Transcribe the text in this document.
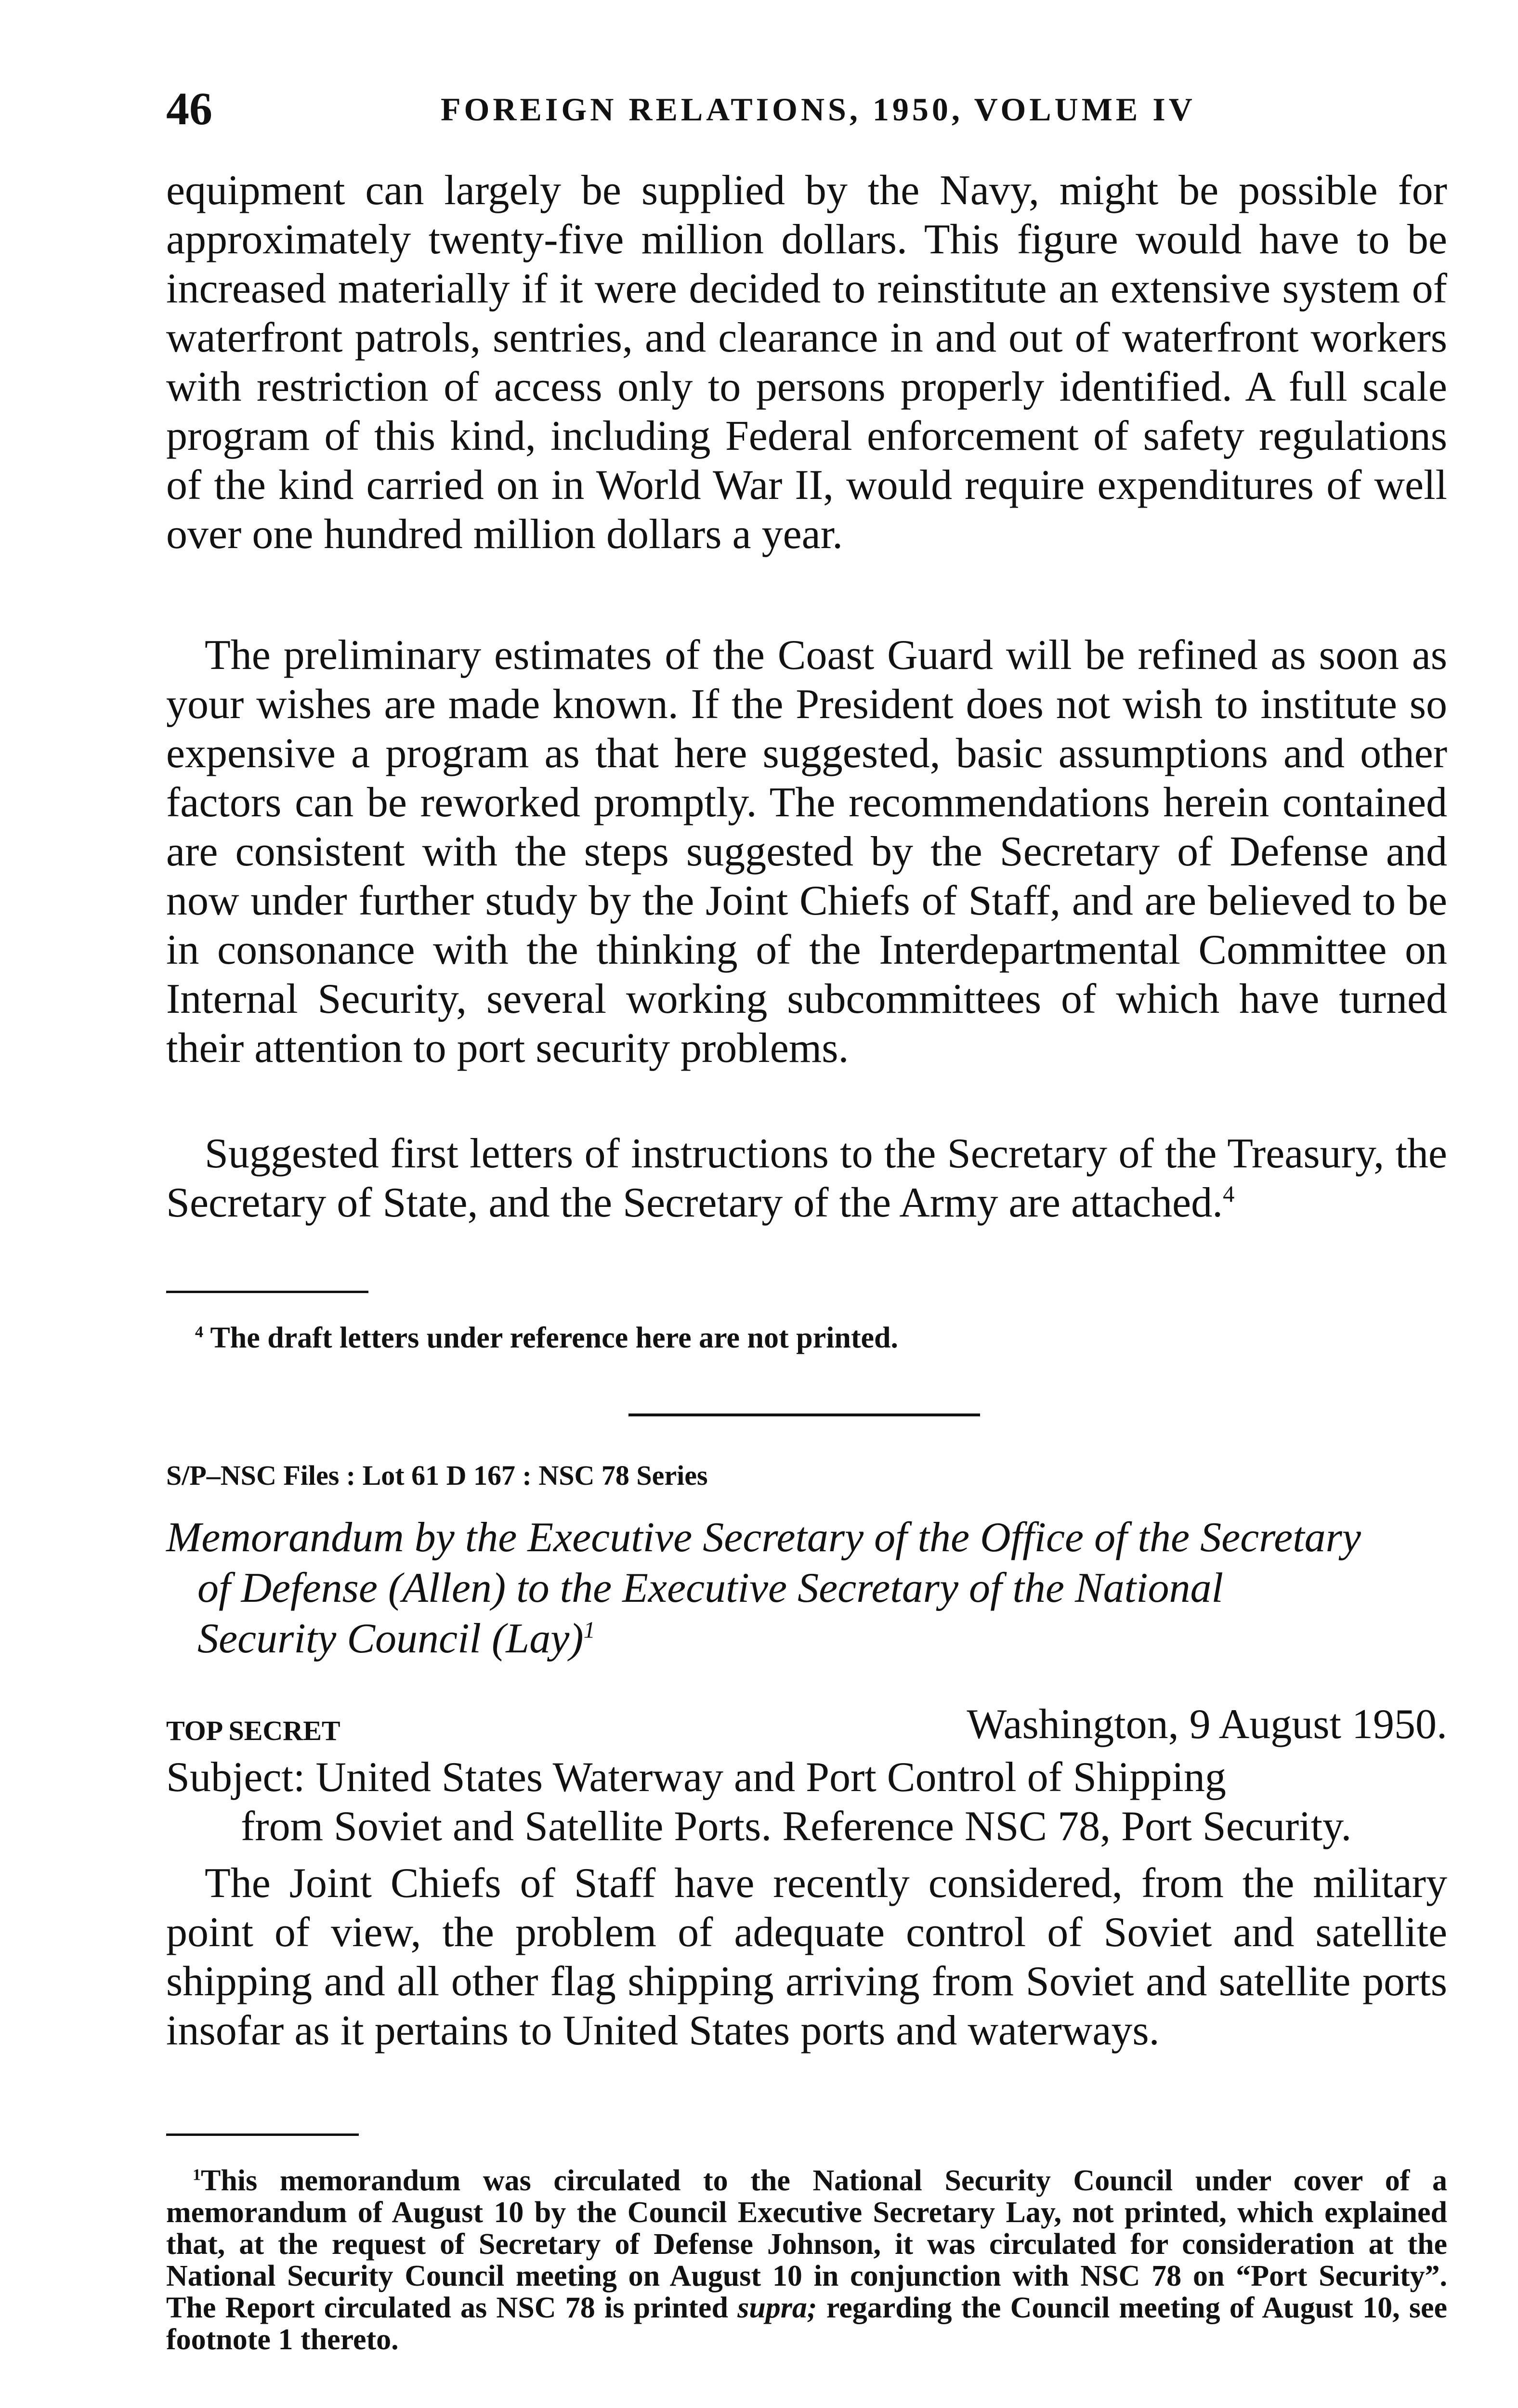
46	FOREIGN RELATIONS, 1950, VOLUME IV

equipment can largely be supplied by the Navy, might be possible for approximately twenty-five million dollars. This figure would have to be increased materially if it were decided to reinstitute an extensive system of waterfront patrols, sentries, and clearance in and out of waterfront workers with restriction of access only to persons properly identified. A full scale program of this kind, including Federal enforcement of safety regulations of the kind carried on in World War II, would require expenditures of well over one hundred million dollars a year.

The preliminary estimates of the Coast Guard will be refined as soon as your wishes are made known. If the President does not wish to institute so expensive a program as that here suggested, basic assumptions and other factors can be reworked promptly. The recommendations herein contained are consistent with the steps suggested by the Secretary of Defense and now under further study by the Joint Chiefs of Staff, and are believed to be in consonance with the thinking of the Interdepartmental Committee on Internal Security, several working subcommittees of which have turned their attention to port security problems.

Suggested first letters of instructions to the Secretary of the Treasury, the Secretary of State, and the Secretary of the Army are attached.$^4$

$^4$ The draft letters under reference here are not printed.

S/P–NSC Files : Lot 61 D 167 : NSC 78 Series

Memorandum by the Executive Secretary of the Office of the Secretary
of Defense (Allen) to the Executive Secretary of the National
Security Council (Lay)$^1$

TOP SECRET	Washington, 9 August 1950.

Subject: United States Waterway and Port Control of Shipping
from Soviet and Satellite Ports. Reference NSC 78, Port Security.

The Joint Chiefs of Staff have recently considered, from the military point of view, the problem of adequate control of Soviet and satellite shipping and all other flag shipping arriving from Soviet and satellite ports insofar as it pertains to United States ports and waterways.

$^1$This memorandum was circulated to the National Security Council under cover of a memorandum of August 10 by the Council Executive Secretary Lay, not printed, which explained that, at the request of Secretary of Defense Johnson, it was circulated for consideration at the National Security Council meeting on August 10 in conjunction with NSC 78 on “Port Security”. The Report circulated as NSC 78 is printed supra; regarding the Council meeting of August 10, see footnote 1 thereto.
